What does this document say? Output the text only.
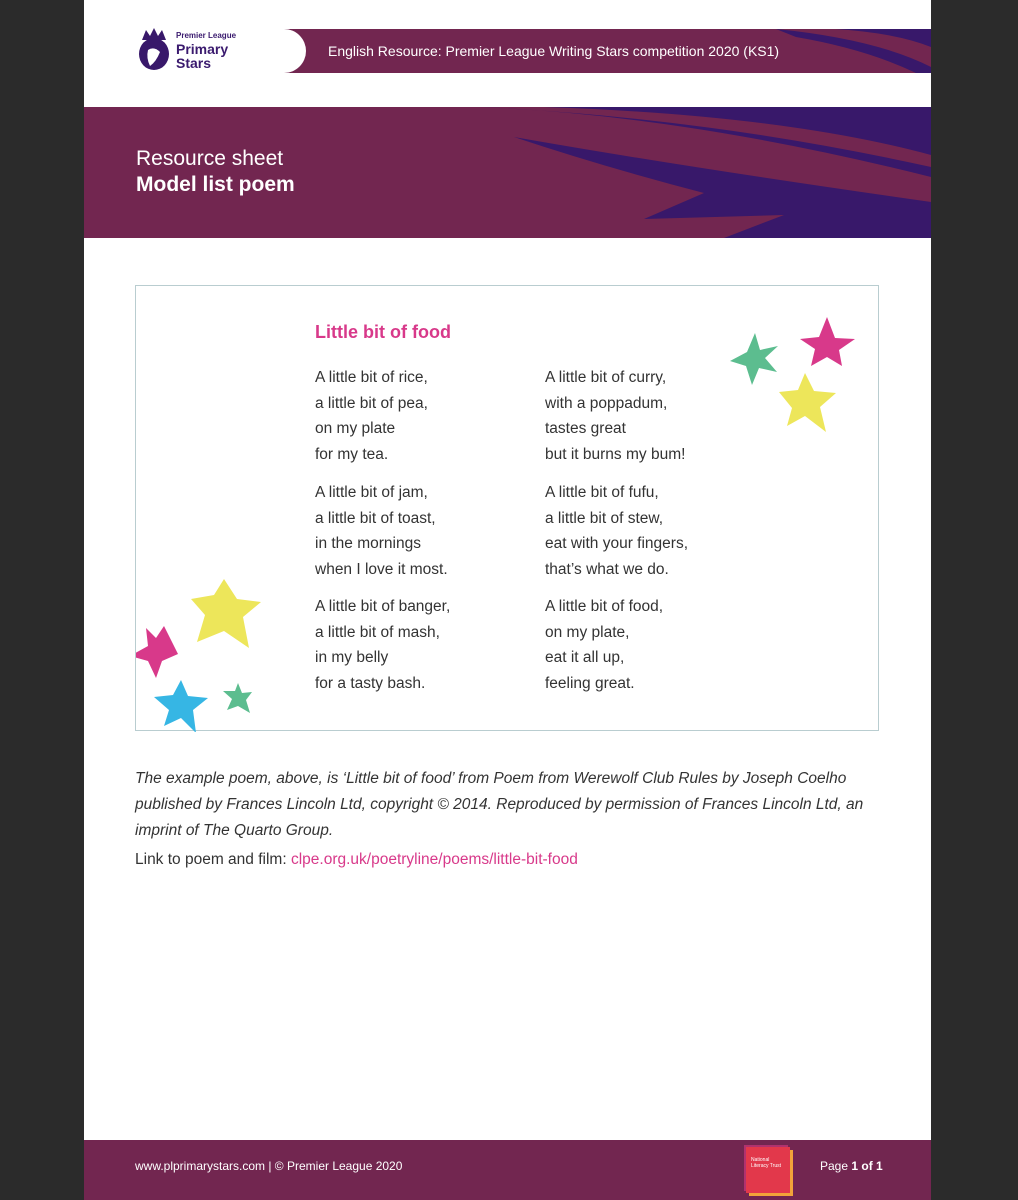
Premier League
Primary
Stars
English Resource: Premier League Writing Stars competition 2020 (KS1)
Resource sheet
Model list poem
Little bit of food
A little bit of rice,
a little bit of pea,
on my plate
for my tea.
A little bit of jam,
a little bit of toast,
in the mornings
when I love it most.
A little bit of banger,
a little bit of mash,
in my belly
for a tasty bash.
A little bit of curry,
with a poppadum,
tastes great
but it burns my bum!
A little bit of fufu,
a little bit of stew,
eat with your fingers,
that’s what we do.
A little bit of food,
on my plate,
eat it all up,
feeling great.
The example poem, above, is ‘Little bit of food’ from Poem from Werewolf Club Rules by Joseph Coelho published by Frances Lincoln Ltd, copyright © 2014. Reproduced by permission of Frances Lincoln Ltd, an imprint of The Quarto Group.
Link to poem and film: clpe.org.uk/poetryline/poems/little-bit-food
www.plprimarystars.com | © Premier League 2020	National Literacy Trust	Page 1 of 1
